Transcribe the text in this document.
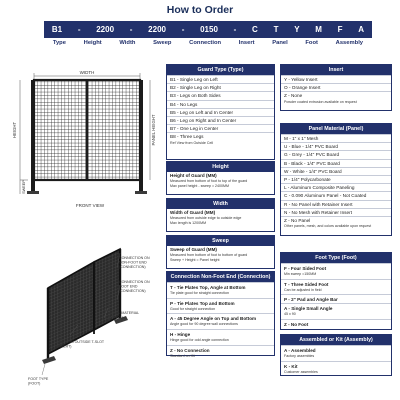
How to Order
B1 - 2200 - 2200 - 0150 - C T Y M F A
Type	Height	Width	Sweep	Connection	Insert	Panel	Foot	Assembly
WIDTH
HEIGHT
SWEEP
PANEL HEIGHT
FRONT VIEW
CONNECTION ON
NON-FOOT END
(CONNECTION)
CONNECTION ON
FOOT END
(CONNECTION)
PANEL MATERIAL
(PANEL)
INSERT IN OUTSIDE T-SLOT
(INSERT)
FOOT TYPE
(FOOT)
Guard Type (Type)
B1 - Single Leg on Left
B2 - Single Leg on Right
B3 - Legs on Both Sides
B4 - No Legs
B5 - Leg on Left and In Center
B6 - Leg on Right and In Center
B7 - One Leg in Center
B8 - Three Legs
Ref View from Outside Cell
Height
Height of Guard (MM)
Measured from bottom of foot to top of the guard
Max panel height - sweep = 2400MM
Width
Width of Guard (MM)
Measured from outside edge to outside edge
Max length is 1200MM
Sweep
Sweep of Guard (MM)
Measured from bottom of foot to bottom of guard
Sweep + Height = Panel height
Connection Non-Foot End (Connection)
T - Tie Plates Top, Angle at Bottom
Tie plate good for straight connection
P - Tie Plates Top and Bottom
Good for straight connection
A - 45 Degree Angle on Top and Bottom
Angle good for 90 degree wall connections
H - Hinge
Hinge good for odd angle connection
Z - No Connection
Standard on Kit
Insert
Y - Yellow Insert
O - Orange Insert
Z - None
Powder coated extrusion available on request
Panel Material (Panel)
M - 1" x 1" Mesh
U - Blue - 1/4" PVC Board
G - Grey - 1/4" PVC Board
B - Black - 1/4" PVC Board
W - White - 1/4" PVC Board
P - 1/4" Polycarbonate
L - Aluminum Composite Paneling
C - 0.090 Aluminum Panel - Not Coated
R - No Panel with Retainer Insert
N - No Mesh with Retainer Insert
Z - No Panel
Other panels, mesh, and colors available upon request
Foot Type (Foot)
F - Four Sided Foot
Min sweep =150MM
T - Three Sided Foot
Can be adjusted in field
P - 2" Pad and Angle Bar
A - Single Small Angle
45 x 90
Z - No Foot
Assembled or Kit (Assembly)
A - Assembled
Factory assembles
K - Kit
Customer assembles
